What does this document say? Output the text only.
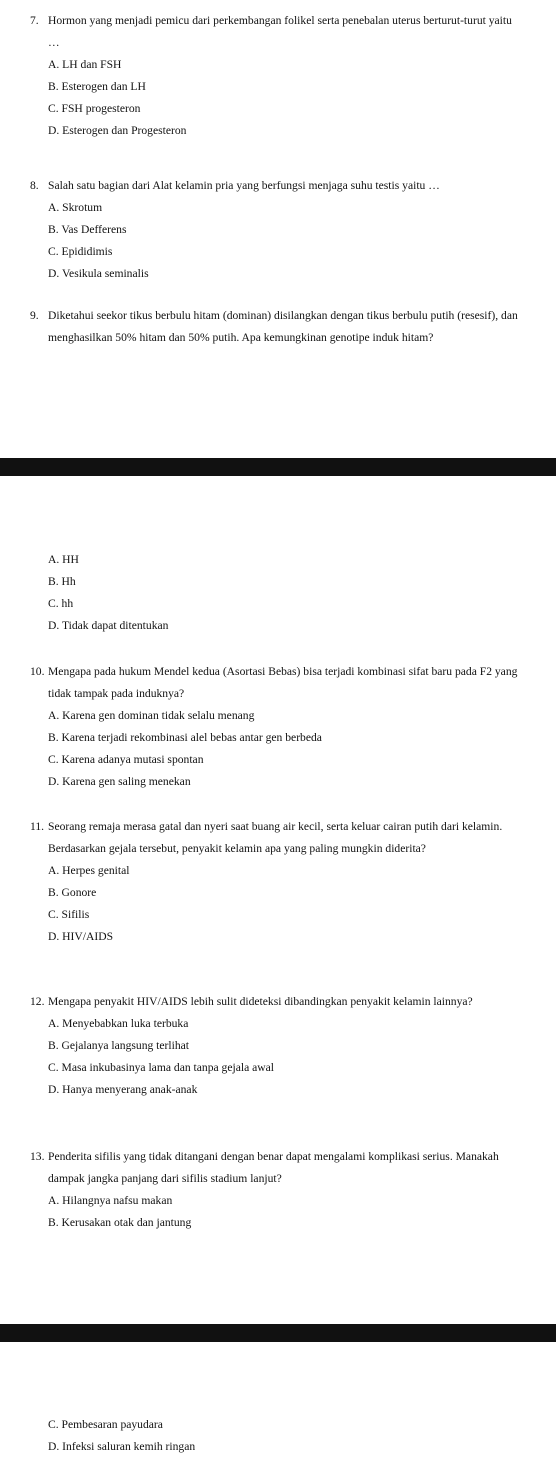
7. Hormon yang menjadi pemicu dari perkembangan folikel serta penebalan uterus berturut-turut yaitu …
A. LH dan FSH
B. Esterogen dan LH
C. FSH progesteron
D. Esterogen dan Progesteron
8. Salah satu bagian dari Alat kelamin pria yang berfungsi menjaga suhu testis yaitu …
A. Skrotum
B. Vas Defferens
C. Epididimis
D. Vesikula seminalis
9. Diketahui seekor tikus berbulu hitam (dominan) disilangkan dengan tikus berbulu putih (resesif), dan menghasilkan 50% hitam dan 50% putih. Apa kemungkinan genotipe induk hitam?
A. HH
B. Hh
C. hh
D. Tidak dapat ditentukan
10. Mengapa pada hukum Mendel kedua (Asortasi Bebas) bisa terjadi kombinasi sifat baru pada F2 yang tidak tampak pada induknya?
A. Karena gen dominan tidak selalu menang
B. Karena terjadi rekombinasi alel bebas antar gen berbeda
C. Karena adanya mutasi spontan
D. Karena gen saling menekan
11. Seorang remaja merasa gatal dan nyeri saat buang air kecil, serta keluar cairan putih dari kelamin. Berdasarkan gejala tersebut, penyakit kelamin apa yang paling mungkin diderita?
A. Herpes genital
B. Gonore
C. Sifilis
D. HIV/AIDS
12. Mengapa penyakit HIV/AIDS lebih sulit dideteksi dibandingkan penyakit kelamin lainnya?
A. Menyebabkan luka terbuka
B. Gejalanya langsung terlihat
C. Masa inkubasinya lama dan tanpa gejala awal
D. Hanya menyerang anak-anak
13. Penderita sifilis yang tidak ditangani dengan benar dapat mengalami komplikasi serius. Manakah dampak jangka panjang dari sifilis stadium lanjut?
A. Hilangnya nafsu makan
B. Kerusakan otak dan jantung
C. Pembesaran payudara
D. Infeksi saluran kemih ringan
